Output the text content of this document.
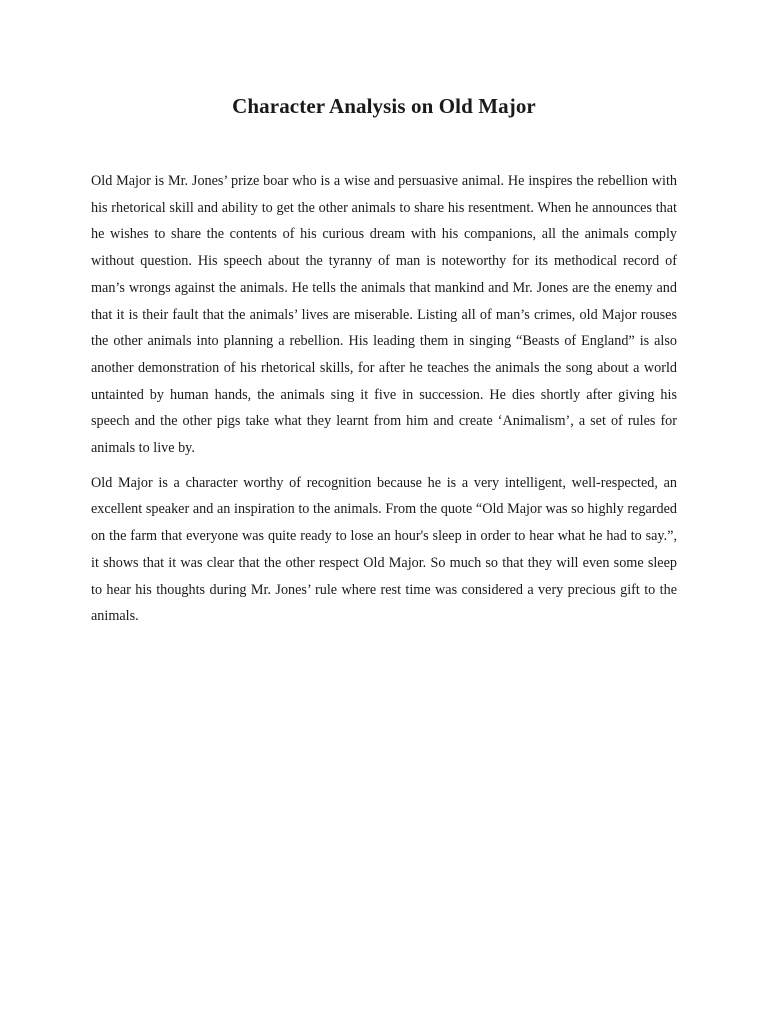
Character Analysis on Old Major

Old Major is Mr. Jones’ prize boar who is a wise and persuasive animal. He inspires the rebellion with his rhetorical skill and ability to get the other animals to share his resentment. When he announces that he wishes to share the contents of his curious dream with his companions, all the animals comply without question. His speech about the tyranny of man is noteworthy for its methodical record of man’s wrongs against the animals. He tells the animals that mankind and Mr. Jones are the enemy and that it is their fault that the animals’ lives are miserable. Listing all of man’s crimes, old Major rouses the other animals into planning a rebellion. His leading them in singing “Beasts of England” is also another demonstration of his rhetorical skills, for after he teaches the animals the song about a world untainted by human hands, the animals sing it five in succession. He dies shortly after giving his speech and the other pigs take what they learnt from him and create ‘Animalism’, a set of rules for animals to live by.

Old Major is a character worthy of recognition because he is a very intelligent, well-respected, an excellent speaker and an inspiration to the animals. From the quote “Old Major was so highly regarded on the farm that everyone was quite ready to lose an hour's sleep in order to hear what he had to say.”, it shows that it was clear that the other respect Old Major. So much so that they will even some sleep to hear his thoughts during Mr. Jones’ rule where rest time was considered a very precious gift to the animals.
